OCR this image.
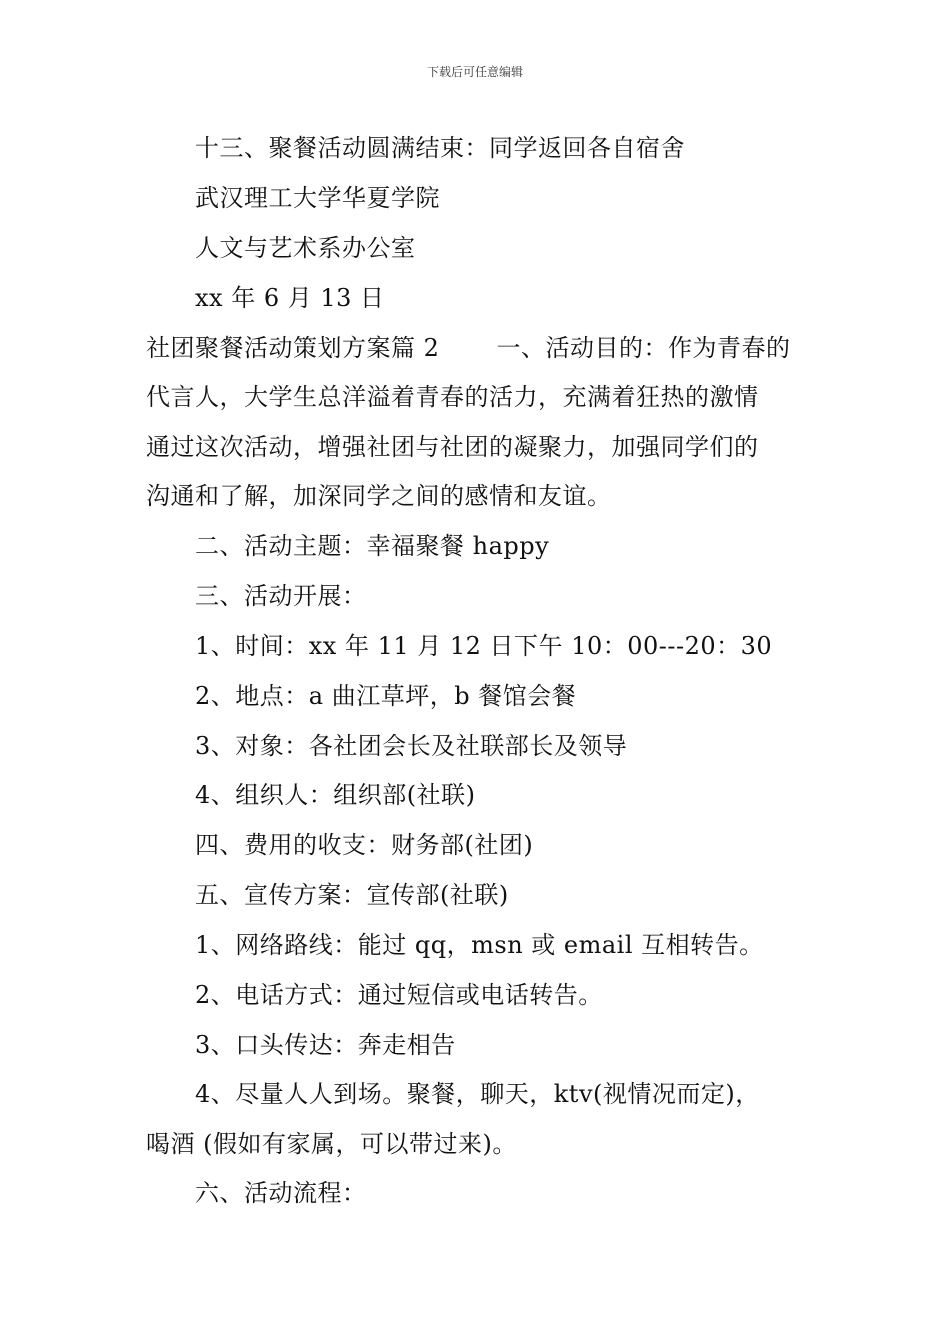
下载后可任意编辑
十三、聚餐活动圆满结束：同学返回各自宿舍
武汉理工大学华夏学院
人文与艺术系办公室
xx 年 6 月 13 日
社团聚餐活动策划方案篇 2　　 一、活动目的：作为青春的
代言人，大学生总洋溢着青春的活力，充满着狂热的激情
通过这次活动，增强社团与社团的凝聚力，加强同学们的
沟通和了解，加深同学之间的感情和友谊。
二、活动主题：幸福聚餐 happy
三、活动开展：
1、时间：xx 年 11 月 12 日下午 10：00---20：30
2、地点：a 曲江草坪，b 餐馆会餐
3、对象：各社团会长及社联部长及领导
4、组织人：组织部(社联)
四、费用的收支：财务部(社团)
五、宣传方案：宣传部(社联)
1、网络路线：能过 qq，msn 或 email 互相转告。
2、电话方式：通过短信或电话转告。
3、口头传达：奔走相告
4、尽量人人到场。聚餐，聊天，ktv(视情况而定)，
喝酒 (假如有家属，可以带过来)。
六、活动流程：
